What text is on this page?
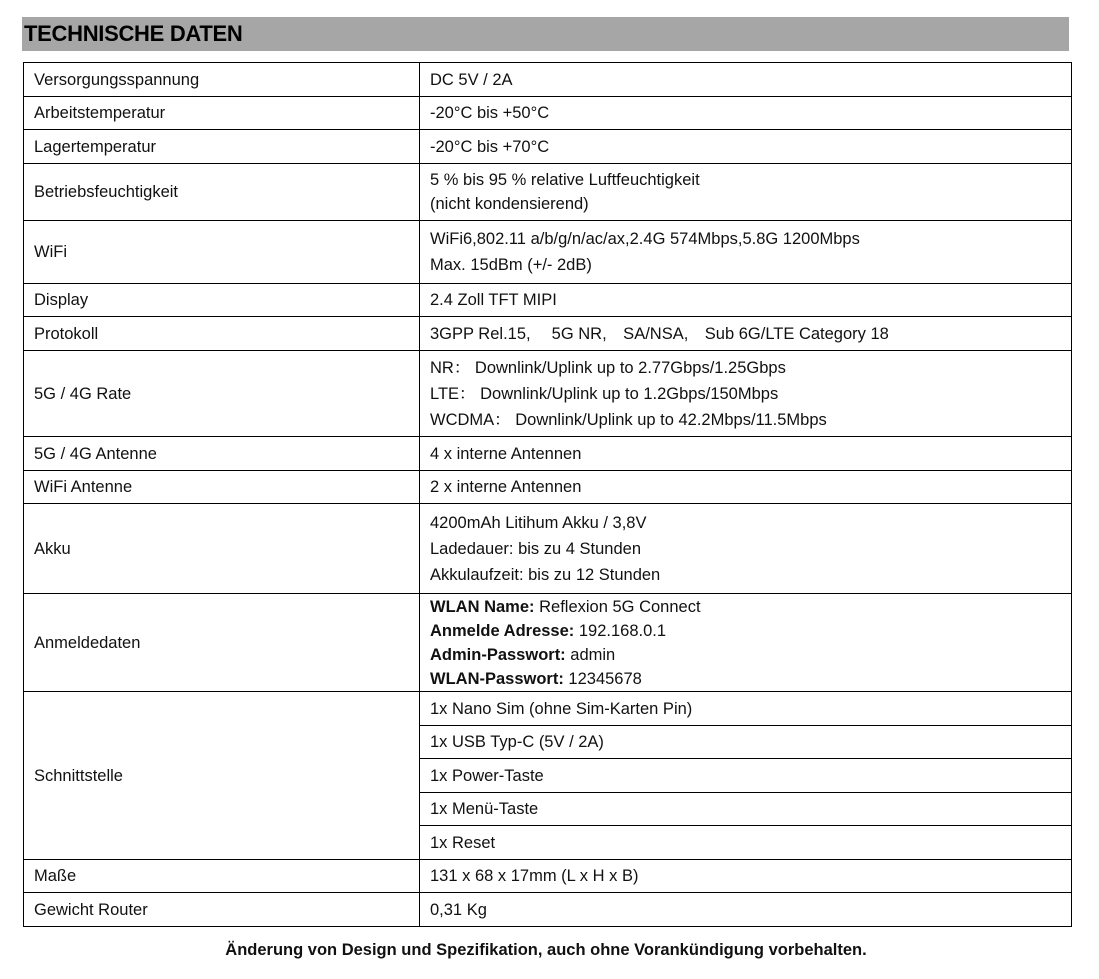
TECHNISCHE DATEN
Versorgungsspannung	DC 5V / 2A

Arbeitstemperatur	-20°C bis +50°C

Lagertemperatur	-20°C bis +70°C

Betriebsfeuchtigkeit	5 % bis 95 % relative Luftfeuchtigkeit
(nicht kondensierend)

WiFi	WiFi6,802.11 a/b/g/n/ac/ax,2.4G 574Mbps,5.8G 1200Mbps
Max. 15dBm (+/- 2dB)

Display	2.4 Zoll TFT MIPI

Protokoll	3GPP Rel.15,　 5G NR,　SA/NSA,　Sub 6G/LTE Category 18

5G / 4G Rate	NR： Downlink/Uplink up to 2.77Gbps/1.25Gbps
LTE： Downlink/Uplink up to 1.2Gbps/150Mbps
WCDMA： Downlink/Uplink up to 42.2Mbps/11.5Mbps

5G / 4G Antenne	4 x interne Antennen

WiFi Antenne	2 x interne Antennen

Akku	4200mAh Litihum Akku / 3,8V
Ladedauer: bis zu 4 Stunden
Akkulaufzeit: bis zu 12 Stunden

Anmeldedaten	WLAN Name: Reflexion 5G Connect
Anmelde Adresse: 192.168.0.1
Admin-Passwort: admin
WLAN-Passwort: 12345678

Schnittstelle	1x Nano Sim (ohne Sim-Karten Pin)
	1x USB Typ-C (5V / 2A)
	1x Power-Taste
	1x Menü-Taste
	1x Reset
Maße	131 x 68 x 17mm (L x H x B)

Gewicht Router	0,31 Kg
Änderung von Design und Spezifikation, auch ohne Vorankündigung vorbehalten.
